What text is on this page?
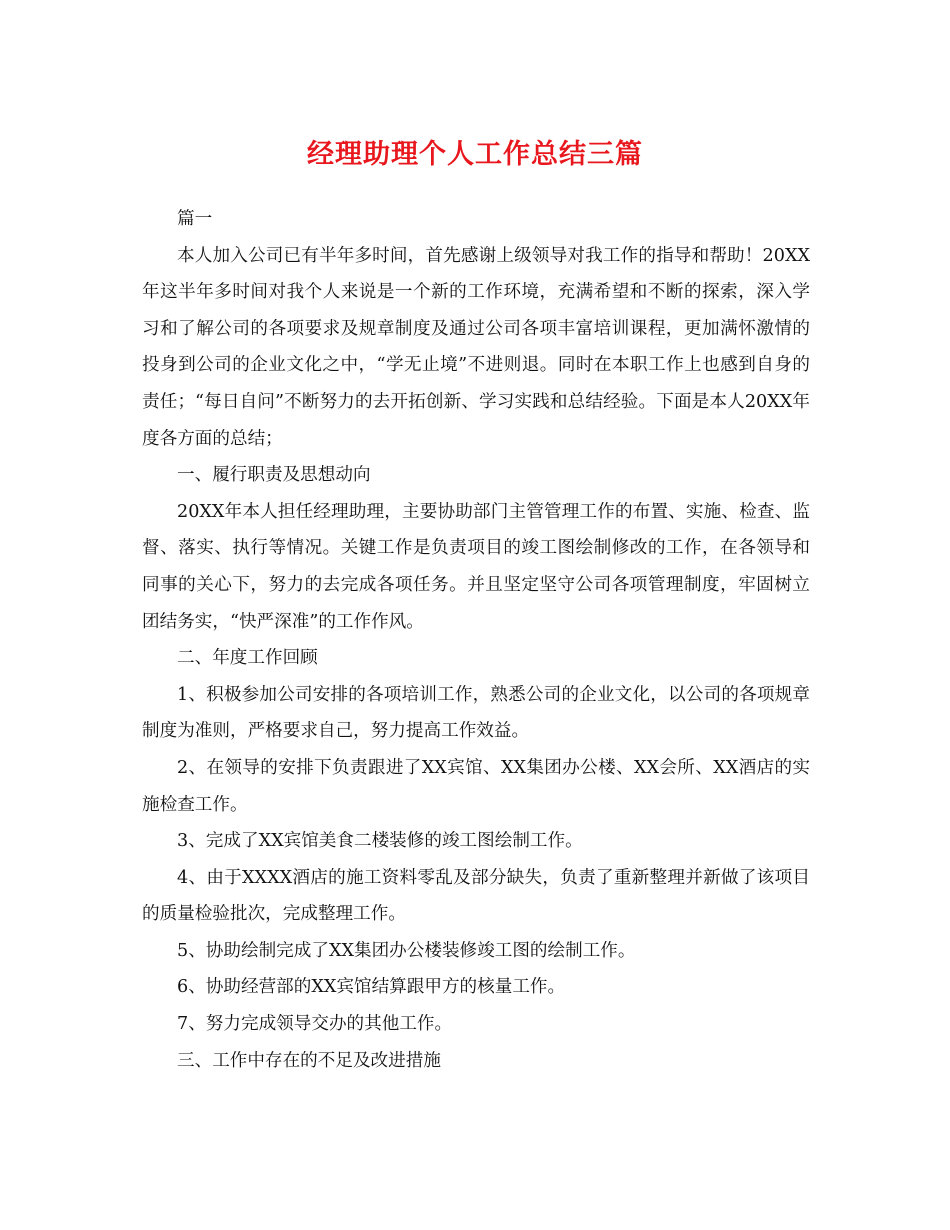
经理助理个人工作总结三篇

篇一

本人加入公司已有半年多时间，首先感谢上级领导对我工作的指导和帮助！20XX年这半年多时间对我个人来说是一个新的工作环境，充满希望和不断的探索，深入学习和了解公司的各项要求及规章制度及通过公司各项丰富培训课程，更加满怀激情的投身到公司的企业文化之中，“学无止境”不进则退。同时在本职工作上也感到自身的责任；“每日自问”不断努力的去开拓创新、学习实践和总结经验。下面是本人20XX年度各方面的总结；

一、履行职责及思想动向

20XX年本人担任经理助理，主要协助部门主管管理工作的布置、实施、检查、监督、落实、执行等情况。关键工作是负责项目的竣工图绘制修改的工作，在各领导和同事的关心下，努力的去完成各项任务。并且坚定坚守公司各项管理制度，牢固树立团结务实，“快严深准”的工作作风。

二、年度工作回顾

1、积极参加公司安排的各项培训工作，熟悉公司的企业文化，以公司的各项规章制度为准则，严格要求自己，努力提高工作效益。

2、在领导的安排下负责跟进了XX宾馆、XX集团办公楼、XX会所、XX酒店的实施检查工作。

3、完成了XX宾馆美食二楼装修的竣工图绘制工作。

4、由于XXXX酒店的施工资料零乱及部分缺失，负责了重新整理并新做了该项目的质量检验批次，完成整理工作。

5、协助绘制完成了XX集团办公楼装修竣工图的绘制工作。

6、协助经营部的XX宾馆结算跟甲方的核量工作。

7、努力完成领导交办的其他工作。

三、工作中存在的不足及改进措施
